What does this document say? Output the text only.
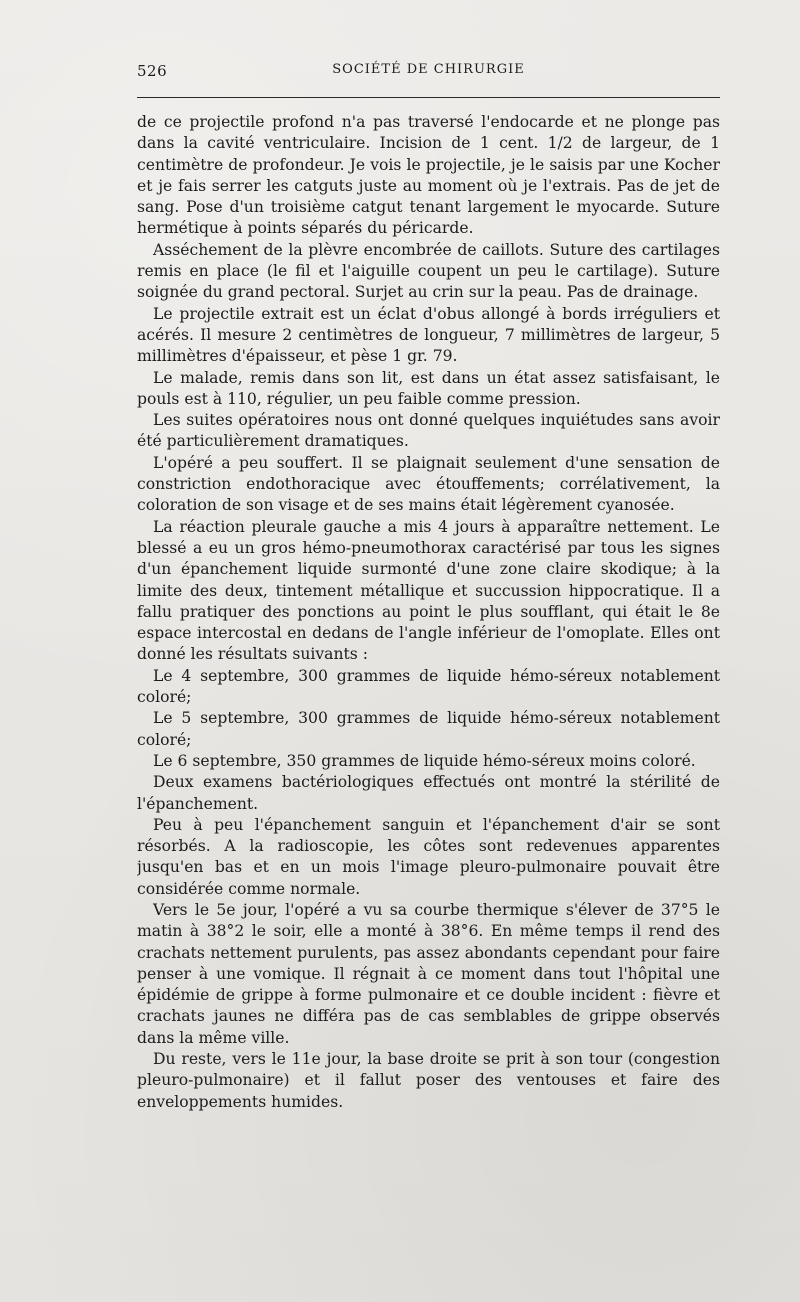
526	SOCIÉTÉ DE CHIRURGIE

de ce projectile profond n'a pas traversé l'endocarde et ne plonge pas dans la cavité ventriculaire. Incision de 1 cent. 1/2 de largeur, de 1 centimètre de profondeur. Je vois le projectile, je le saisis par une Kocher et je fais serrer les catguts juste au moment où je l'extrais. Pas de jet de sang. Pose d'un troisième catgut tenant largement le myocarde. Suture hermétique à points séparés du péricarde.

Asséchement de la plèvre encombrée de caillots. Suture des cartilages remis en place (le fil et l'aiguille coupent un peu le cartilage). Suture soignée du grand pectoral. Surjet au crin sur la peau. Pas de drainage.

Le projectile extrait est un éclat d'obus allongé à bords irréguliers et acérés. Il mesure 2 centimètres de longueur, 7 millimètres de largeur, 5 millimètres d'épaisseur, et pèse 1 gr. 79.

Le malade, remis dans son lit, est dans un état assez satisfaisant, le pouls est à 110, régulier, un peu faible comme pression.

Les suites opératoires nous ont donné quelques inquiétudes sans avoir été particulièrement dramatiques.

L'opéré a peu souffert. Il se plaignait seulement d'une sensation de constriction endothoracique avec étouffements; corrélativement, la coloration de son visage et de ses mains était légèrement cyanosée.

La réaction pleurale gauche a mis 4 jours à apparaître nettement. Le blessé a eu un gros hémo-pneumothorax caractérisé par tous les signes d'un épanchement liquide surmonté d'une zone claire skodique; à la limite des deux, tintement métallique et succussion hippocratique. Il a fallu pratiquer des ponctions au point le plus soufflant, qui était le 8e espace intercostal en dedans de l'angle inférieur de l'omoplate. Elles ont donné les résultats suivants :

Le 4 septembre, 300 grammes de liquide hémo-séreux notablement coloré;

Le 5 septembre, 300 grammes de liquide hémo-séreux notablement coloré;

Le 6 septembre, 350 grammes de liquide hémo-séreux moins coloré.

Deux examens bactériologiques effectués ont montré la stérilité de l'épanchement.

Peu à peu l'épanchement sanguin et l'épanchement d'air se sont résorbés. A la radioscopie, les côtes sont redevenues apparentes jusqu'en bas et en un mois l'image pleuro-pulmonaire pouvait être considérée comme normale.

Vers le 5e jour, l'opéré a vu sa courbe thermique s'élever de 37°5 le matin à 38°2 le soir, elle a monté à 38°6. En même temps il rend des crachats nettement purulents, pas assez abondants cependant pour faire penser à une vomique. Il régnait à ce moment dans tout l'hôpital une épidémie de grippe à forme pulmonaire et ce double incident : fièvre et crachats jaunes ne différa pas de cas semblables de grippe observés dans la même ville.

Du reste, vers le 11e jour, la base droite se prit à son tour (congestion pleuro-pulmonaire) et il fallut poser des ventouses et faire des enveloppements humides.
